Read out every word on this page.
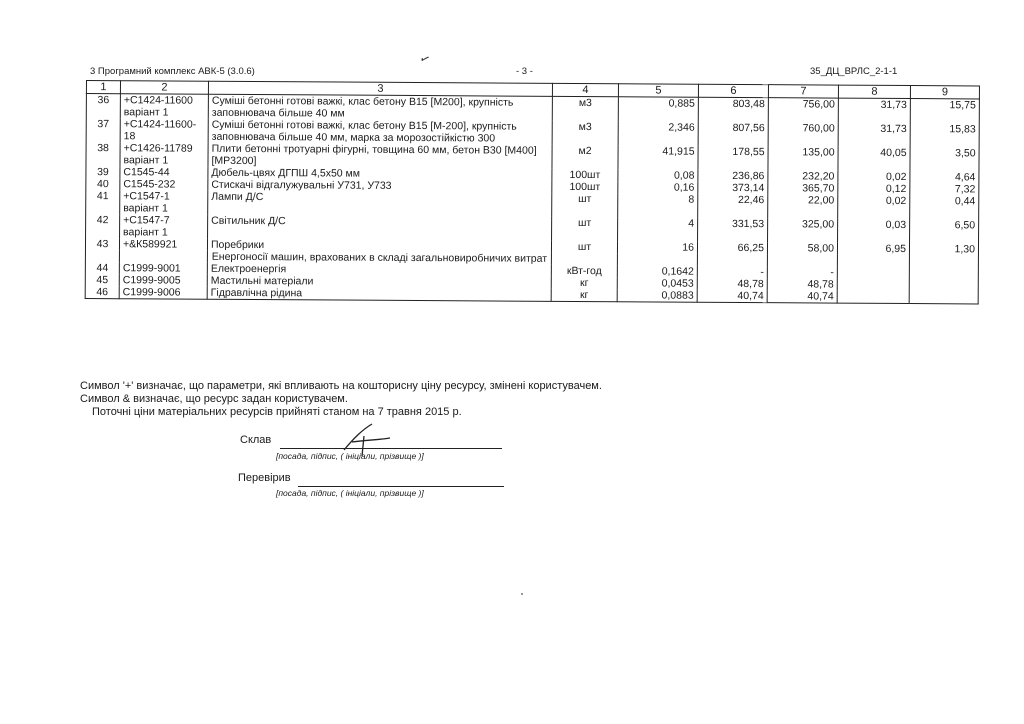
✓
3 Програмний комплекс АВК-5 (3.0.6)	- 3 -	35_ДЦ_ВРЛС_2-1-1
1	2	3	4	5	6	7	8	9
36	+С1424-11600 варіант 1	Суміші бетонні готові важкі, клас бетону В15 [М200], крупність заповнювача більше 40 мм	м3	0,885	803,48	756,00	31,73	15,75
37	+С1424-11600-18	Суміші бетонні готові важкі, клас бетону В15 [М-200], крупність заповнювача більше 40 мм, марка за морозостійкістю 300	м3	2,346	807,56	760,00	31,73	15,83
38	+С1426-11789 варіант 1	Плити бетонні тротуарні фігурні, товщина 60 мм, бетон В30 [М400] [МР3200]	м2	41,915	178,55	135,00	40,05	3,50
39	С1545-44	Дюбель-цвях ДГПШ 4,5х50 мм	100шт	0,08	236,86	232,20	0,02	4,64
40	С1545-232	Стискачі відгалужувальні У731, У733	100шт	0,16	373,14	365,70	0,12	7,32
41	+С1547-1 варіант 1	Лампи Д/С	шт	8	22,46	22,00	0,02	0,44
42	+С1547-7 варіант 1	Світильник Д/С	шт	4	331,53	325,00	0,03	6,50
43	+&К589921	Поребрики	шт	16	66,25	58,00	6,95	1,30
		Енергоносії машин, врахованих в складі загальновиробничих витрат						
44	С1999-9001	Електроенергія	кВт-год	0,1642	-	-		
45	С1999-9005	Мастильні матеріали	кг	0,0453	48,78	48,78		
46	С1999-9006	Гідравлічна рідина	кг	0,0883	40,74	40,74		
Символ '+' визначає, що параметри, які впливають на кошторисну ціну ресурсу, змінені користувачем.
Символ & визначає, що ресурс задан користувачем.
Поточні ціни матеріальних ресурсів прийняті станом на 7 травня 2015 р.
Склав
[посада, підпис, ( ініціали, прізвище )]
Перевірив
[посада, підпис, ( ініціали, прізвище )]
